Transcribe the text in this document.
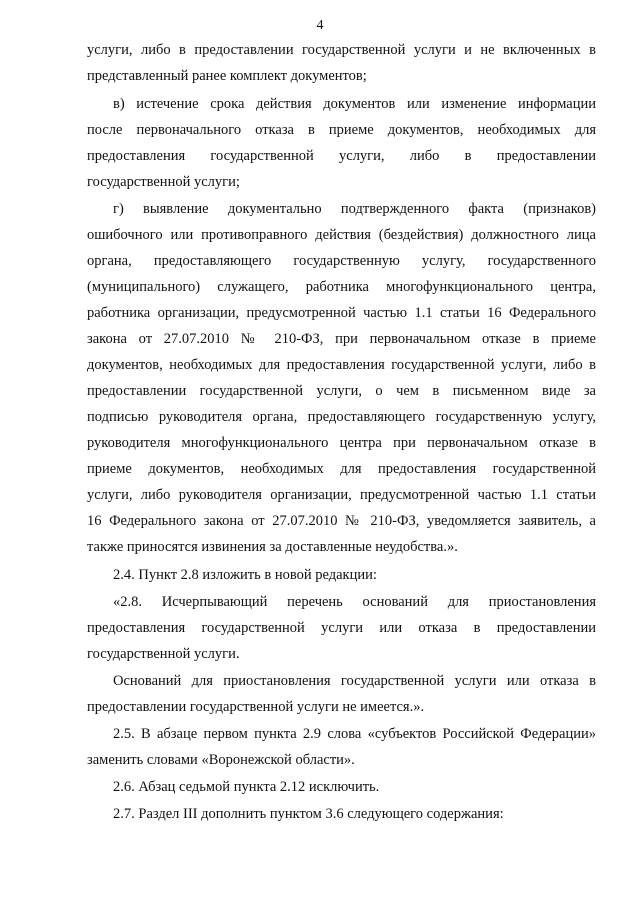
4
услуги, либо в предоставлении государственной услуги и не включенных в
представленный ранее комплект документов;
в) истечение срока действия документов или изменение информации
после первоначального отказа в приеме документов, необходимых для
предоставления государственной услуги, либо в предоставлении
государственной услуги;
г) выявление документально подтвержденного факта (признаков)
ошибочного или противоправного действия (бездействия) должностного лица
органа, предоставляющего государственную услугу, государственного
(муниципального) служащего, работника многофункционального центра,
работника организации, предусмотренной частью 1.1 статьи 16 Федерального
закона от 27.07.2010 № 210-ФЗ, при первоначальном отказе в приеме
документов, необходимых для предоставления государственной услуги, либо в
предоставлении государственной услуги, о чем в письменном виде за
подписью руководителя органа, предоставляющего государственную услугу,
руководителя многофункционального центра при первоначальном отказе в
приеме документов, необходимых для предоставления государственной
услуги, либо руководителя организации, предусмотренной частью 1.1 статьи
16 Федерального закона от 27.07.2010 № 210-ФЗ, уведомляется заявитель, а
также приносятся извинения за доставленные неудобства.».
2.4. Пункт 2.8 изложить в новой редакции:
«2.8. Исчерпывающий перечень оснований для приостановления
предоставления государственной услуги или отказа в предоставлении
государственной услуги.
Оснований для приостановления государственной услуги или отказа в
предоставлении государственной услуги не имеется.».
2.5. В абзаце первом пункта 2.9 слова «субъектов Российской Федерации»
заменить словами «Воронежской области».
2.6. Абзац седьмой пункта 2.12 исключить.
2.7. Раздел III дополнить пунктом 3.6 следующего содержания:
